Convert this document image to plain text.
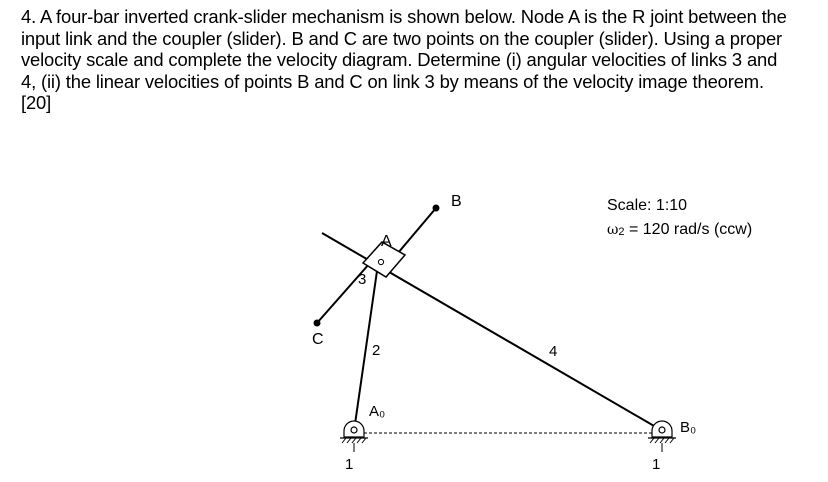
4. A four-bar inverted crank-slider mechanism is shown below. Node A is the R joint between the
input link and the coupler (slider). B and C are two points on the coupler (slider). Using a proper
velocity scale and complete the velocity diagram. Determine (i) angular velocities of links 3 and
4, (ii) the linear velocities of points B and C on link 3 by means of the velocity image theorem.
[20]
B
A
C
3
2	4
A₀
B₀
1	1
Scale: 1:10
ω2 = 120 rad/s (ccw)
